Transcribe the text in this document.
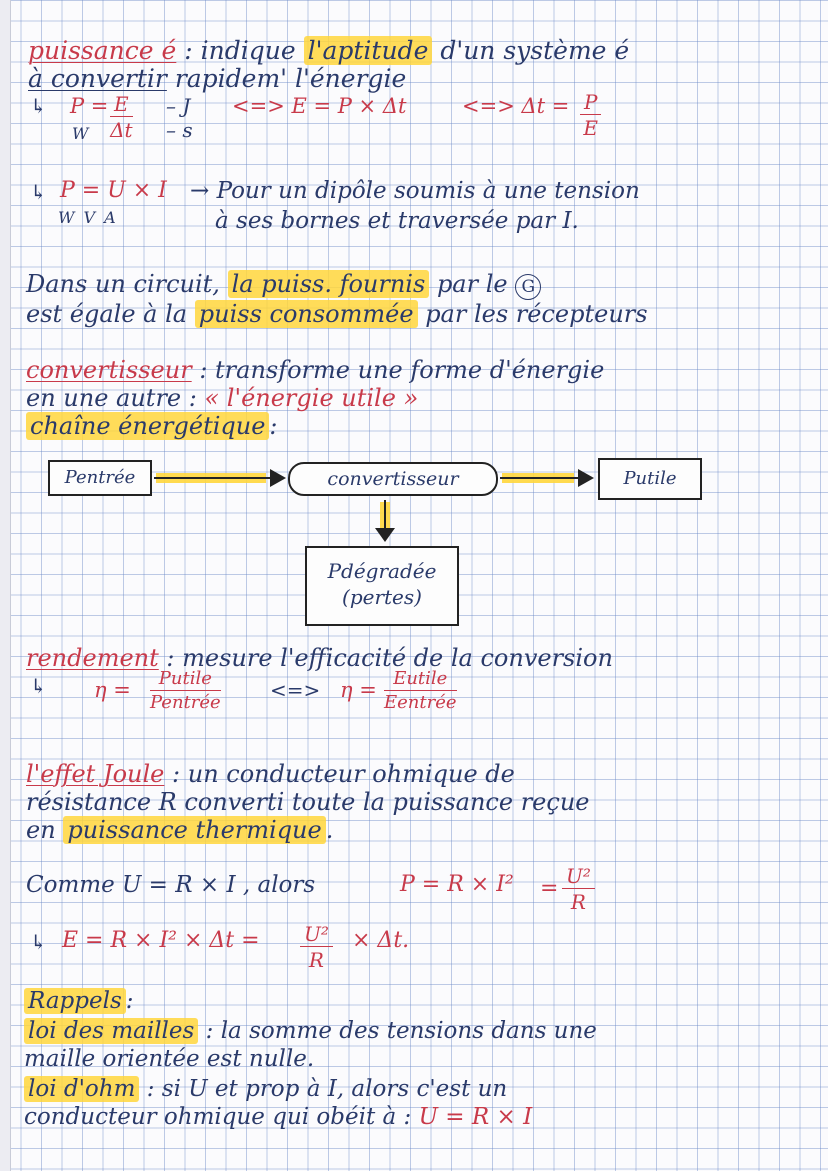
puissance é : indique l'aptitude d'un système é
à convertir rapidem' l'énergie
↳ $P = \frac{E}{\Delta t} - J$
– s
W
<=> E = P × Δt	<=> $\Delta t = \frac{P}{E}$
↳ P = U × I
W V A
→ Pour un dipôle soumis à une tension
à ses bornes et traversée par I.
Dans un circuit, la puiss. fournis par le G
est égale à la puiss consommée par les récepteurs
convertisseur : transforme une forme d'énergie
en une autre : « l'énergie utile »
chaîne énergétique :
Pentrée	convertisseur	Putile
Pdégradée
(pertes)
rendement : mesure l'efficacité de la conversion
↳ η =	Putile
Pentrée
<=> η = Eutile
Eentrée
l'effet Joule : un conducteur ohmique de
résistance R converti toute la puissance reçue
en puissance thermique .
Comme U = R × I , alors	$P = R \times I^2 = \frac{\text{U²}}{R}$
↳ $E = R \times I^2 \times \Delta t = \frac{\text{U²}}{R} \times \Delta t$.
Rappels :
loi des mailles : la somme des tensions dans une
maille orientée est nulle.
loi d'ohm : si U et prop à I, alors c'est un
conducteur ohmique qui obéit à : U = R × I
